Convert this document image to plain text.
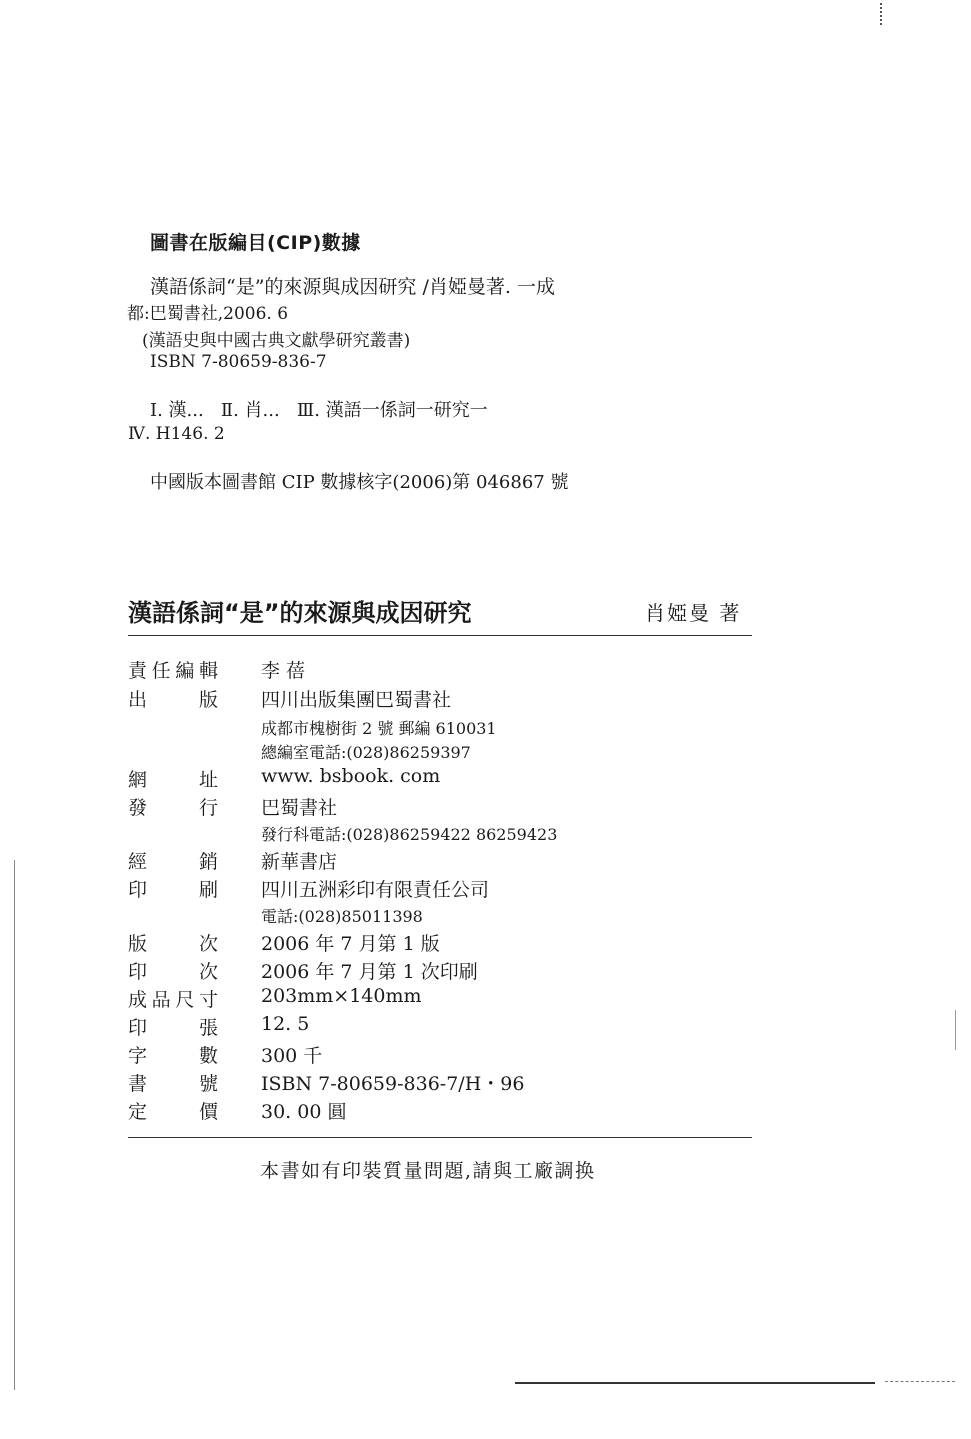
圖書在版編目(CIP)數據
漢語係詞“是”的來源與成因研究 /肖婭曼著. 一成
都:巴蜀書社,2006. 6
(漢語史與中國古典文獻學研究叢書)
ISBN 7-80659-836-7
Ⅰ. 漢...   Ⅱ. 肖...   Ⅲ. 漢語一係詞一研究一
Ⅳ. H146. 2
中國版本圖書館 CIP 數據核字(2006)第 046867 號
漢語係詞“是”的來源與成因研究	肖婭曼 著
責 任 編 輯 李 蓓
出	版 四川出版集團巴蜀書社
成都市槐樹街 2 號 郵編 610031
總編室電話:(028)86259397
網	址 www. bsbook. com
發	行 巴蜀書社
發行科電話:(028)86259422 86259423
經	銷 新華書店
印	刷 四川五洲彩印有限責任公司
電話:(028)85011398
版	次 2006 年 7 月第 1 版
印	次 2006 年 7 月第 1 次印刷
成 品 尺 寸 203mm×140mm
印	張 12. 5
字	數 300 千
書	號 ISBN 7-80659-836-7/H・96
定	價 30. 00 圓
本書如有印裝質量問題,請與工廠調换
